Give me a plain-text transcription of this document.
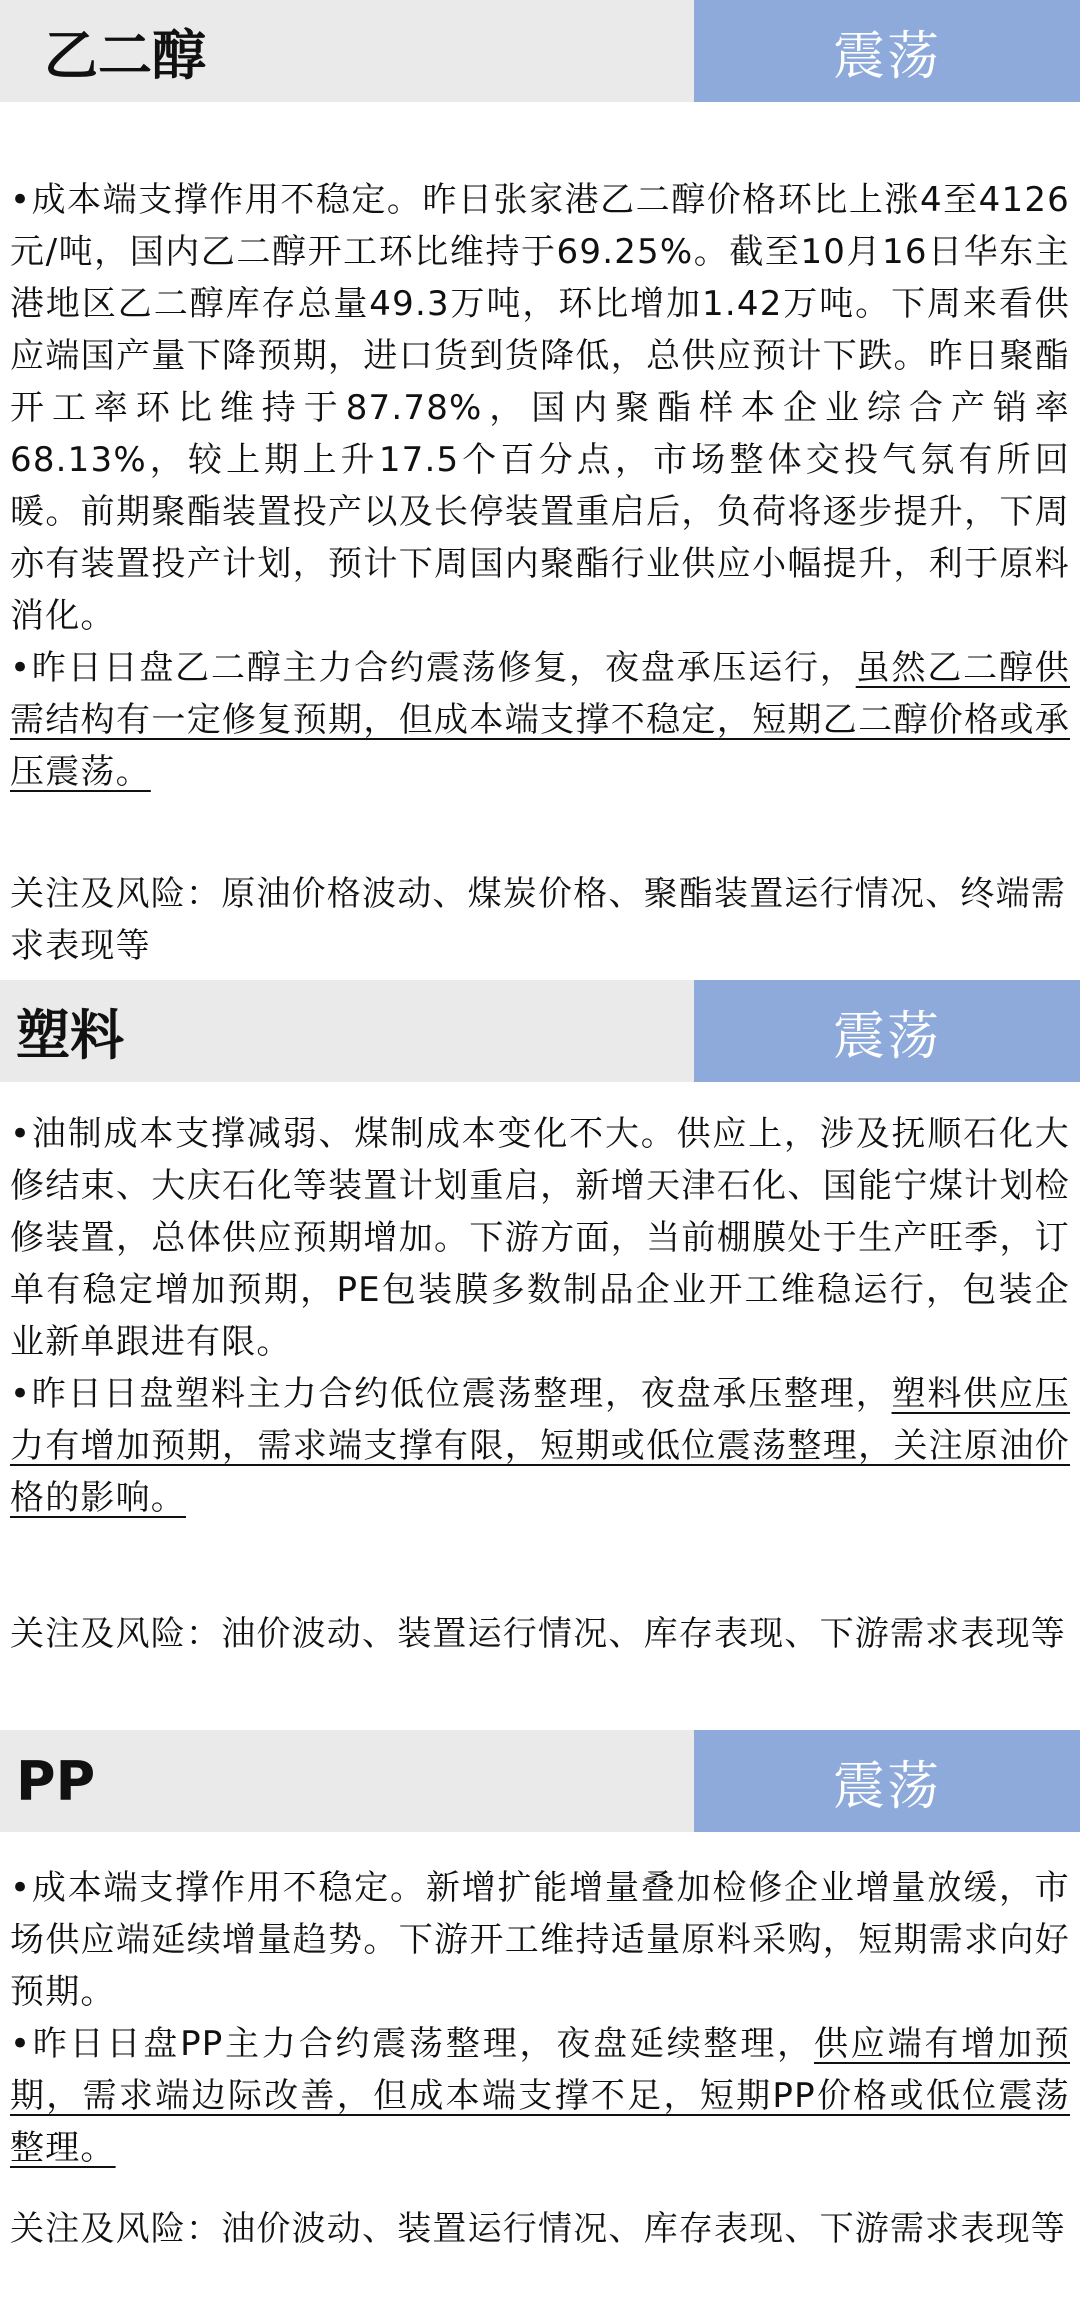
乙二醇	震荡

•成本端支撑作用不稳定。昨日张家港乙二醇价格环比上涨4至4126元/吨，国内乙二醇开工环比维持于69.25%。截至10月16日华东主港地区乙二醇库存总量49.3万吨，环比增加1.42万吨。下周来看供应端国产量下降预期，进口货到货降低，总供应预计下跌。昨日聚酯开工率环比维持于87.78%，国内聚酯样本企业综合产销率68.13%，较上期上升17.5个百分点，市场整体交投气氛有所回暖。前期聚酯装置投产以及长停装置重启后，负荷将逐步提升，下周亦有装置投产计划，预计下周国内聚酯行业供应小幅提升，利于原料消化。
•昨日日盘乙二醇主力合约震荡修复，夜盘承压运行，虽然乙二醇供需结构有一定修复预期，但成本端支撑不稳定，短期乙二醇价格或承压震荡。

关注及风险：原油价格波动、煤炭价格、聚酯装置运行情况、终端需求表现等

塑料	震荡

•油制成本支撑减弱、煤制成本变化不大。供应上，涉及抚顺石化大修结束、大庆石化等装置计划重启，新增天津石化、国能宁煤计划检修装置，总体供应预期增加。下游方面，当前棚膜处于生产旺季，订单有稳定增加预期，PE包装膜多数制品企业开工维稳运行，包装企业新单跟进有限。
•昨日日盘塑料主力合约低位震荡整理，夜盘承压整理，塑料供应压力有增加预期，需求端支撑有限，短期或低位震荡整理，关注原油价格的影响。

关注及风险：油价波动、装置运行情况、库存表现、下游需求表现等

PP	震荡

•成本端支撑作用不稳定。新增扩能增量叠加检修企业增量放缓，市场供应端延续增量趋势。下游开工维持适量原料采购，短期需求向好预期。
•昨日日盘PP主力合约震荡整理，夜盘延续整理，供应端有增加预期，需求端边际改善，但成本端支撑不足，短期PP价格或低位震荡整理。

关注及风险：油价波动、装置运行情况、库存表现、下游需求表现等
